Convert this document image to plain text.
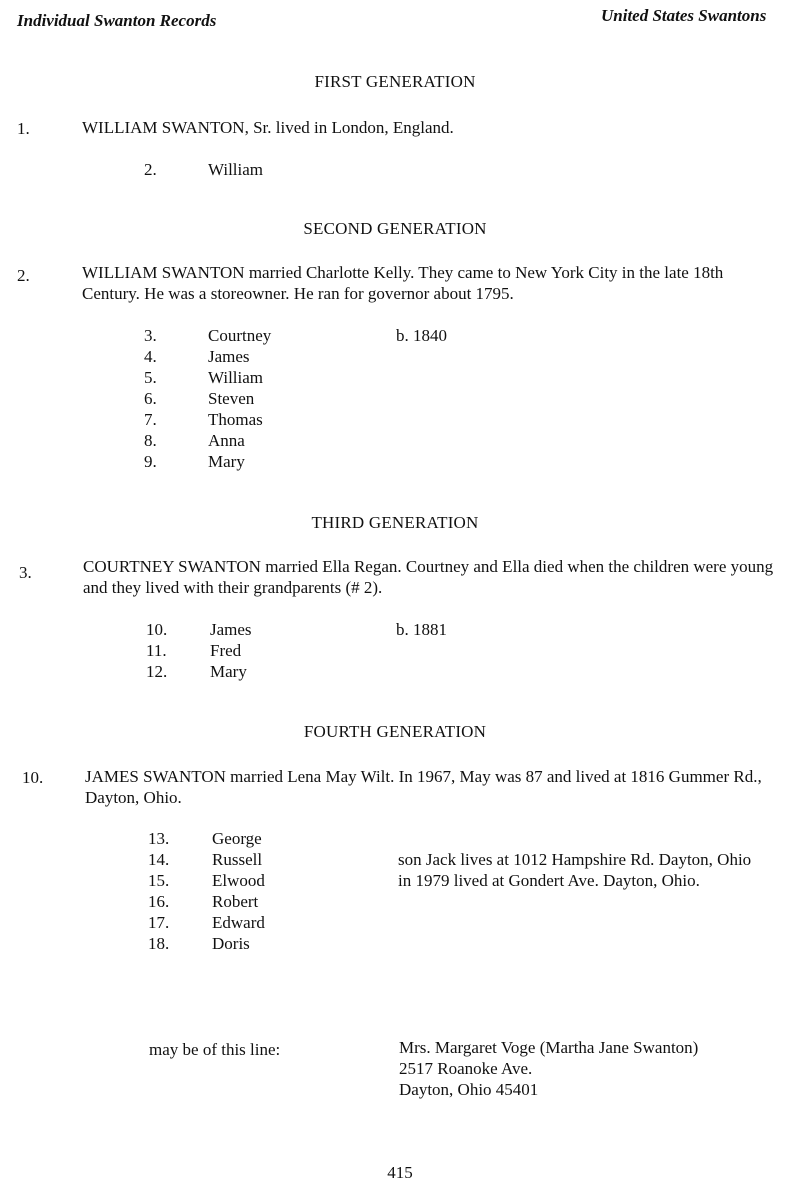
Individual Swanton Records	United States Swantons
FIRST GENERATION
1.	WILLIAM SWANTON, Sr. lived in London, England.
2.	William
SECOND GENERATION
2.	WILLIAM SWANTON married Charlotte Kelly. They came to New York City in the late 18th Century. He was a storeowner. He ran for governor about 1795.
3.	Courtney	b. 1840
4.	James
5.	William
6.	Steven
7.	Thomas
8.	Anna
9.	Mary
THIRD GENERATION
3.	COURTNEY SWANTON married Ella Regan. Courtney and Ella died when the children were young and they lived with their grandparents (# 2).
10.	James	b. 1881
11.	Fred
12.	Mary
FOURTH GENERATION
10. JAMES SWANTON married Lena May Wilt. In 1967, May was 87 and lived at 1816 Gummer Rd., Dayton, Ohio.
13.	George
14.	Russell	son Jack lives at 1012 Hampshire Rd. Dayton, Ohio
15.	Elwood	in 1979 lived at Gondert Ave. Dayton, Ohio.
16.	Robert
17.	Edward
18.	Doris
may be of this line:	Mrs. Margaret Voge (Martha Jane Swanton)
2517 Roanoke Ave.
Dayton, Ohio 45401
415
